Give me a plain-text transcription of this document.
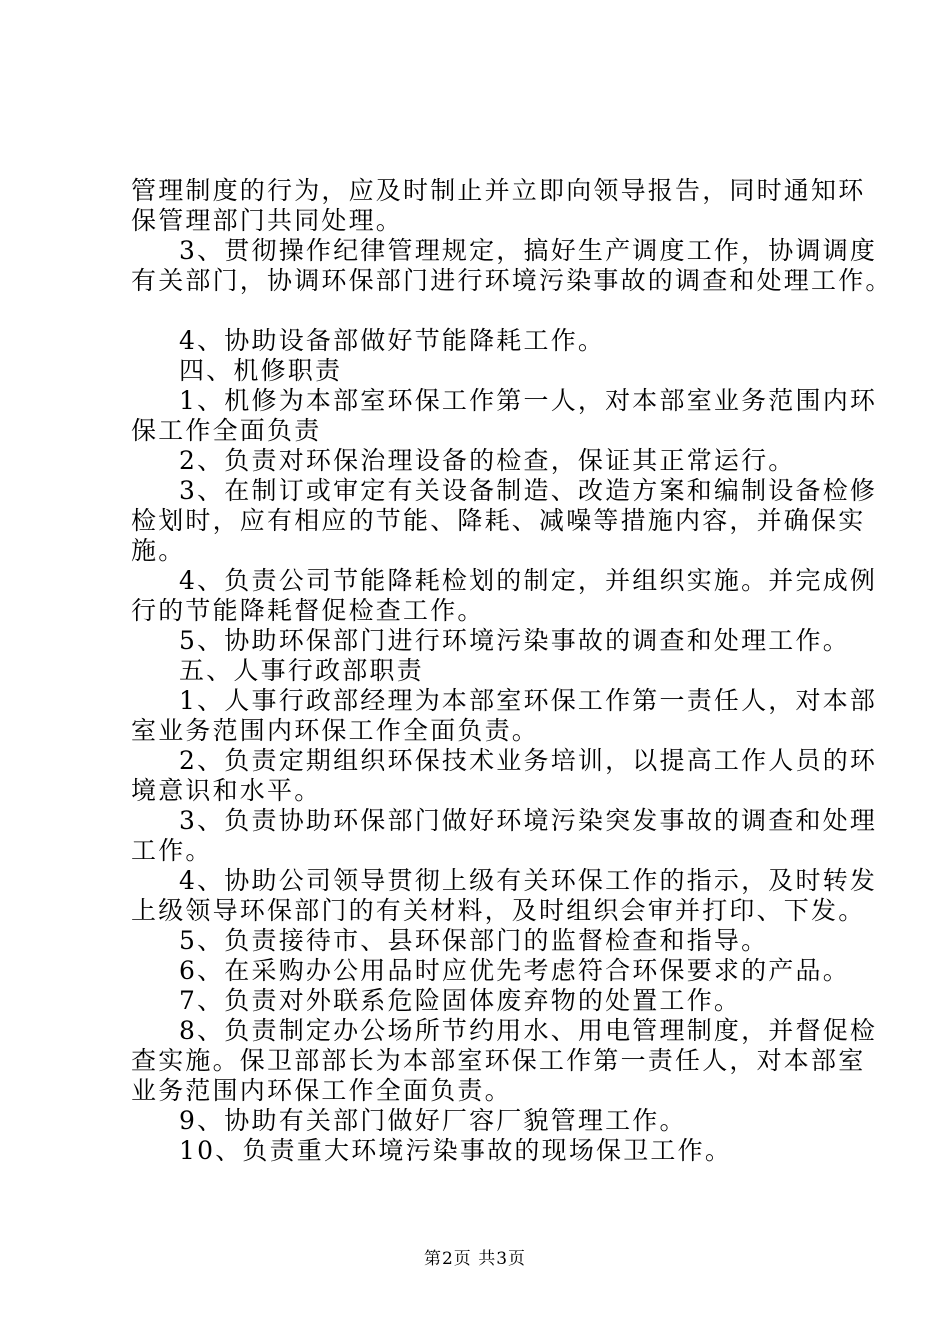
管理制度的行为，应及时制止并立即向领导报告，同时通知环
保管理部门共同处理。
3、贯彻操作纪律管理规定，搞好生产调度工作，协调调度
有关部门，协调环保部门进行环境污染事故的调查和处理工作。
4、协助设备部做好节能降耗工作。
四、机修职责
1、机修为本部室环保工作第一人，对本部室业务范围内环
保工作全面负责
2、负责对环保治理设备的检查，保证其正常运行。
3、在制订或审定有关设备制造、改造方案和编制设备检修
检划时，应有相应的节能、降耗、减噪等措施内容，并确保实
施。
4、负责公司节能降耗检划的制定，并组织实施。并完成例
行的节能降耗督促检查工作。
5、协助环保部门进行环境污染事故的调查和处理工作。
五、人事行政部职责
1、人事行政部经理为本部室环保工作第一责任人，对本部
室业务范围内环保工作全面负责。
2、负责定期组织环保技术业务培训，以提高工作人员的环
境意识和水平。
3、负责协助环保部门做好环境污染突发事故的调查和处理
工作。
4、协助公司领导贯彻上级有关环保工作的指示，及时转发
上级领导环保部门的有关材料，及时组织会审并打印、下发。
5、负责接待市、县环保部门的监督检查和指导。
6、在采购办公用品时应优先考虑符合环保要求的产品。
7、负责对外联系危险固体废弃物的处置工作。
8、负责制定办公场所节约用水、用电管理制度，并督促检
查实施。保卫部部长为本部室环保工作第一责任人，对本部室
业务范围内环保工作全面负责。
9、协助有关部门做好厂容厂貌管理工作。
10、负责重大环境污染事故的现场保卫工作。
第2页 共3页
